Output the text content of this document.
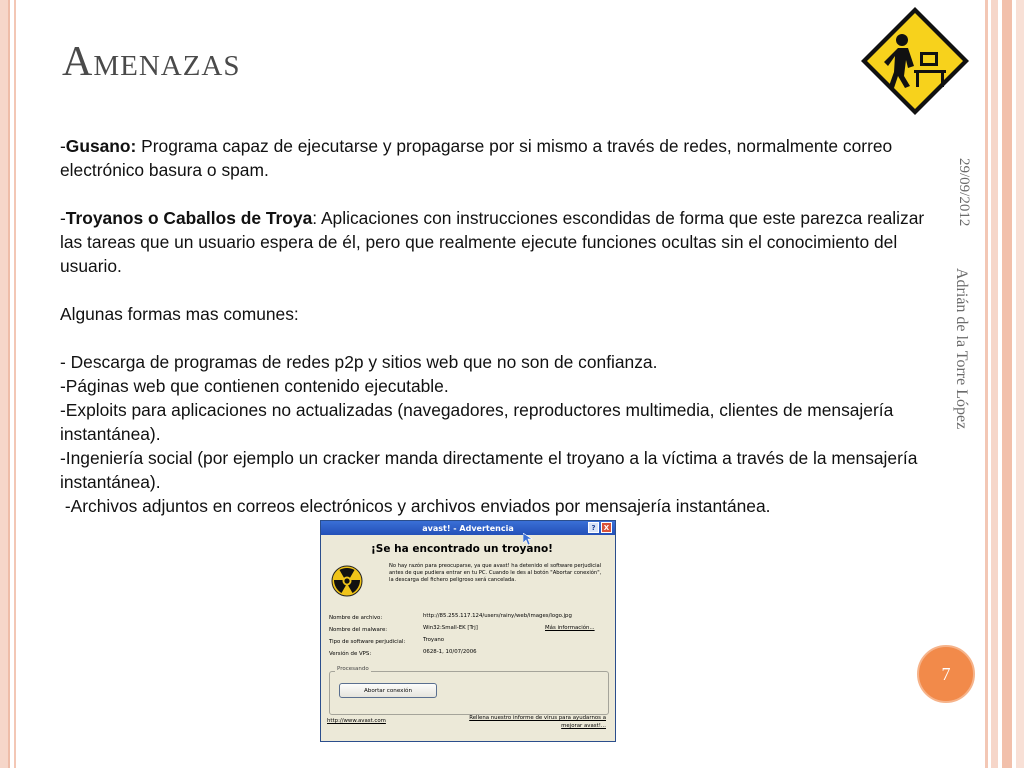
Amenazas

-Gusano: Programa capaz de ejecutarse y propagarse por si mismo a través de redes, normalmente correo electrónico basura o spam.

-Troyanos o Caballos de Troya: Aplicaciones con instrucciones escondidas de forma que este parezca realizar las tareas que un usuario espera de él, pero que realmente ejecute funciones ocultas sin el conocimiento del usuario.

Algunas formas mas comunes:

- Descarga de programas de redes p2p y sitios web que no son de confianza.

-Páginas web que contienen contenido ejecutable.

-Exploits para aplicaciones no actualizadas (navegadores, reproductores multimedia, clientes de mensajería instantánea).

-Ingeniería social (por ejemplo un cracker manda directamente el troyano a la víctima a través de la mensajería instantánea).

-Archivos adjuntos en correos electrónicos y archivos enviados por mensajería instantánea.

29/09/2012
Adrián de la Torre López
7
avast! - Advertencia	?	X
¡Se ha encontrado un troyano!
No hay razón para preocuparse, ya que avast! ha detenido el software perjudicial antes de que pudiera entrar en tu PC. Cuando le des al botón "Abortar conexión", la descarga del fichero peligroso será cancelada.
Nombre de archivo:	http://85.255.117.124/users/rainy/web/images/logo.jpg
Nombre del malware:	Win32:Small-EK [Trj]	Más información...
Tipo de software perjudicial:	Troyano
Versión de VPS:	0628-1, 10/07/2006
Procesando
Abortar conexión
http://www.avast.com	Rellena nuestro informe de virus para ayudarnos a
mejorar avast!...
